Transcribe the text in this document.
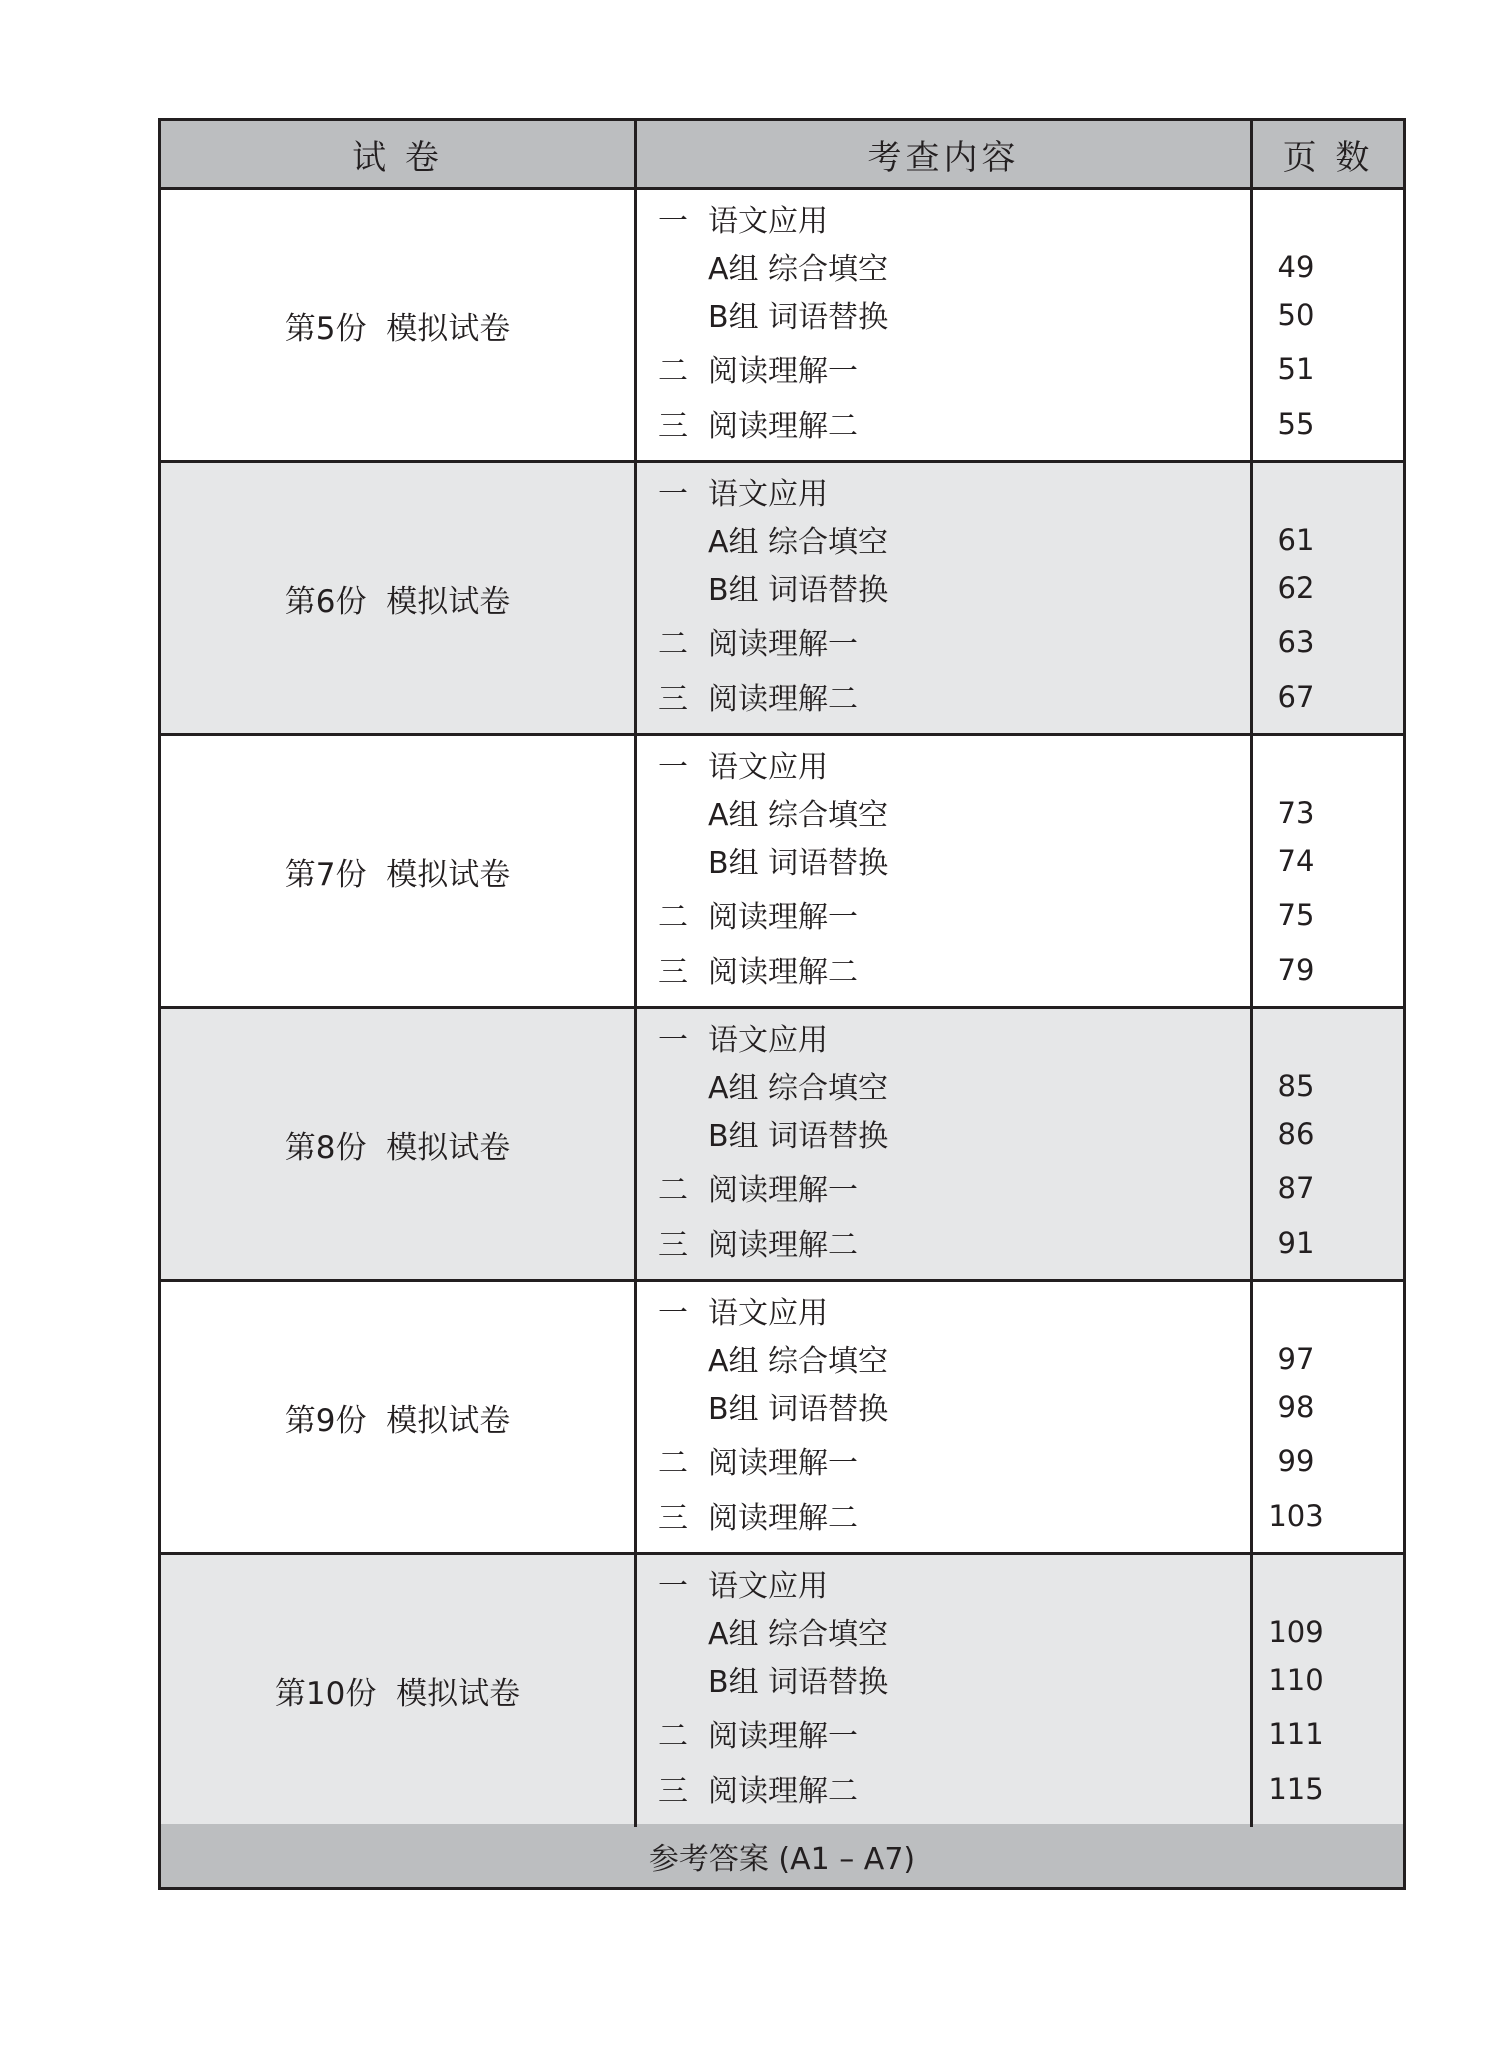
试 卷	考查内容	页 数
第5份  模拟试卷
一 语文应用
A组 综合填空	49
B组 词语替换	50
二 阅读理解一	51
三 阅读理解二	55
第6份  模拟试卷
一 语文应用
A组 综合填空	61
B组 词语替换	62
二 阅读理解一	63
三 阅读理解二	67
第7份  模拟试卷
一 语文应用
A组 综合填空	73
B组 词语替换	74
二 阅读理解一	75
三 阅读理解二	79
第8份  模拟试卷
一 语文应用
A组 综合填空	85
B组 词语替换	86
二 阅读理解一	87
三 阅读理解二	91
第9份  模拟试卷
一 语文应用
A组 综合填空	97
B组 词语替换	98
二 阅读理解一	99
三 阅读理解二	103
第10份  模拟试卷
一 语文应用
A组 综合填空	109
B组 词语替换	110
二 阅读理解一	111
三 阅读理解二	115
参考答案 (A1 – A7)
